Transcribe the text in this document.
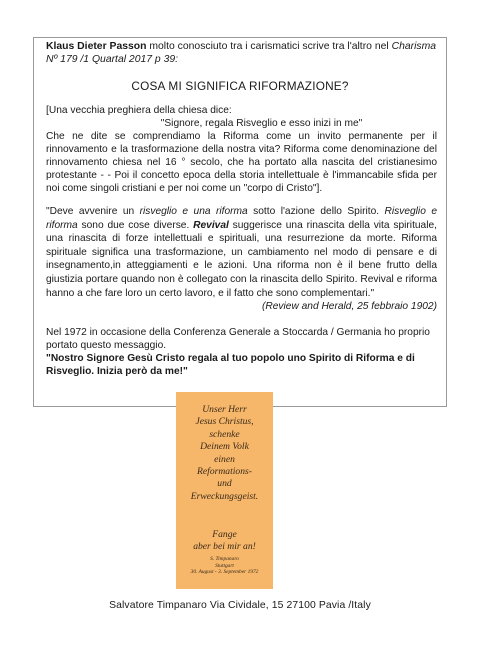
Klaus Dieter Passon molto conosciuto tra i carismatici scrive tra l'altro nel Charisma
Nº 179 /1 Quartal 2017 p 39:
COSA MI SIGNIFICA RIFORMAZIONE?
[Una vecchia preghiera della chiesa dice:
"Signore, regala Risveglio e esso inizi in me"
Che ne dite se comprendiamo la Riforma come un invito permanente per il rinnovamento e la trasformazione della nostra vita? Riforma come denominazione del rinnovamento chiesa nel 16 ° secolo, che ha portato alla nascita del cristianesimo protestante - - Poi il concetto epoca della storia intellettuale è l'immancabile sfida per noi come singoli cristiani e per noi come un "corpo di Cristo"].
"Deve avvenire un risveglio e una riforma sotto l'azione dello Spirito. Risveglio e riforma sono due cose diverse. Revival suggerisce una rinascita della vita spirituale, una rinascita di forze intellettuali e spirituali, una resurrezione da morte. Riforma spirituale significa una trasformazione, un cambiamento nel modo di pensare e di insegnamento,in atteggiamenti e le azioni. Una riforma non è il bene frutto della giustizia portare quando non è collegato con la rinascita dello Spirito. Revival e riforma hanno a che fare loro un certo lavoro, e il fatto che sono complementari."
(Review and Herald, 25 febbraio 1902)
Nel 1972 in occasione della Conferenza Generale a Stoccarda / Germania ho proprio portato questo messaggio.
"Nostro Signore Gesù Cristo regala al tuo popolo uno Spirito di Riforma e di Risveglio. Inizia però da me!"
Unser Herr
Jesus Christus,
schenke
Deinem Volk
einen
Reformations-
und
Erweckungsgeist.
Fange
aber bei mir an!
S. Timpanaro
Stuttgart
30. August - 3. September 1972
Salvatore Timpanaro Via Cividale, 15 27100 Pavia /Italy
